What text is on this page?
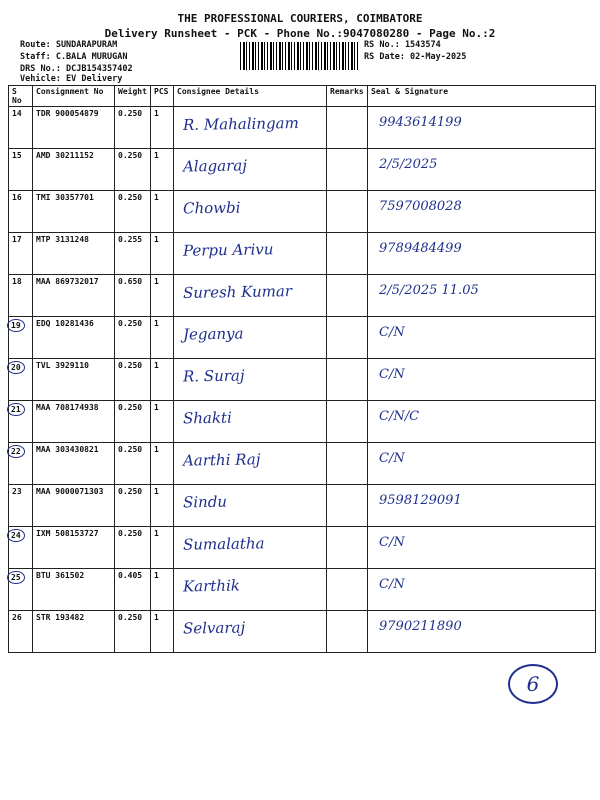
THE PROFESSIONAL COURIERS, COIMBATORE
Delivery Runsheet - PCK - Phone No.:9047080280 - Page No.:2
Route: SUNDARAPURAM
Staff: C.BALA MURUGAN
DRS No.: DCJB154357402
Vehicle: EV Delivery
RS No.: 1543574
RS Date: 02-May-2025
S No	Consignment No	Weight	PCS	Consignee Details	Remarks	Seal & Signature
14	TDR 900054879	0.250	1	R. Mahalingam		9943614199
15	AMD 30211152	0.250	1	Alagaraj		2/5/2025
16	TMI 30357701	0.250	1	Chowbi		7597008028
17	MTP 3131248	0.255	1	Perpu Arivu		9789484499
18	MAA 869732017	0.650	1	Suresh Kumar		2/5/2025 11.05
19	EDQ 10281436	0.250	1	Jeganya		C/N
20	TVL 3929110	0.250	1	R. Suraj		C/N
21	MAA 708174938	0.250	1	Shakti		C/N/C
22	MAA 303430821	0.250	1	Aarthi Raj		C/N
23	MAA 9000071303	0.250	1	Sindu		9598129091
24	IXM 508153727	0.250	1	Sumalatha		C/N
25	BTU 361502	0.405	1	Karthik		C/N
26	STR 193482	0.250	1	Selvaraj		9790211890
6
